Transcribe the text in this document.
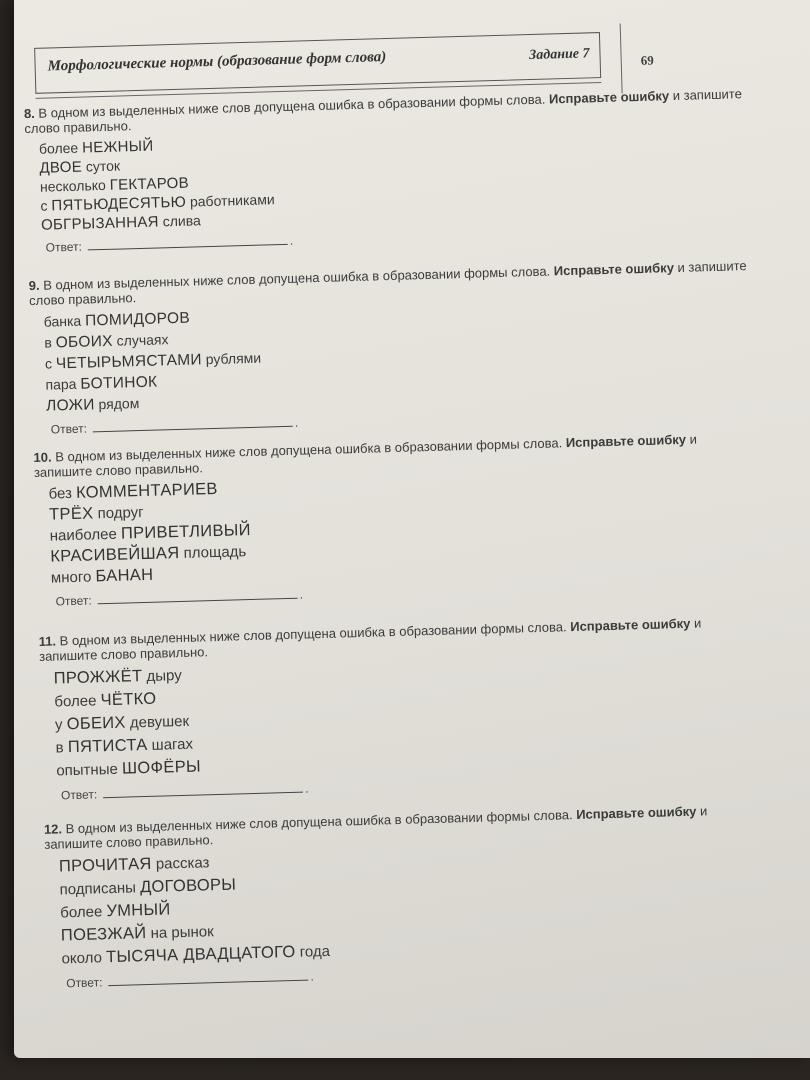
Морфологические нормы (образование форм слова)	Задание 7	69

8. В одном из выделенных ниже слов допущена ошибка в образовании формы слова. Исправьте ошибку и запишите слово правильно.

более НЕЖНЫЙ
ДВОЕ суток
несколько ГЕКТАРОВ
с ПЯТЬЮДЕСЯТЬЮ работниками
ОБГРЫЗАННАЯ слива
Ответ:	.

9. В одном из выделенных ниже слов допущена ошибка в образовании формы слова. Исправьте ошибку и запишите слово правильно.

банка ПОМИДОРОВ
в ОБОИХ случаях
с ЧЕТЫРЬМЯСТАМИ рублями
пара БОТИНОК
ЛОЖИ рядом
Ответ:	.

10. В одном из выделенных ниже слов допущена ошибка в образовании формы слова. Исправьте ошибку и запишите слово правильно.

без КОММЕНТАРИЕВ
ТРЁХ подруг
наиболее ПРИВЕТЛИВЫЙ
КРАСИВЕЙШАЯ площадь
много БАНАН
Ответ:	.

11. В одном из выделенных ниже слов допущена ошибка в образовании формы слова. Исправьте ошибку и запишите слово правильно.

ПРОЖЖЁТ дыру
более ЧЁТКО
у ОБЕИХ девушек
в ПЯТИСТА шагах
опытные ШОФЁРЫ
Ответ:	.

12. В одном из выделенных ниже слов допущена ошибка в образовании формы слова. Исправьте ошибку и запишите слово правильно.

ПРОЧИТАЯ рассказ
подписаны ДОГОВОРЫ
более УМНЫЙ
ПОЕЗЖАЙ на рынок
около ТЫСЯЧА ДВАДЦАТОГО года
Ответ:	.
